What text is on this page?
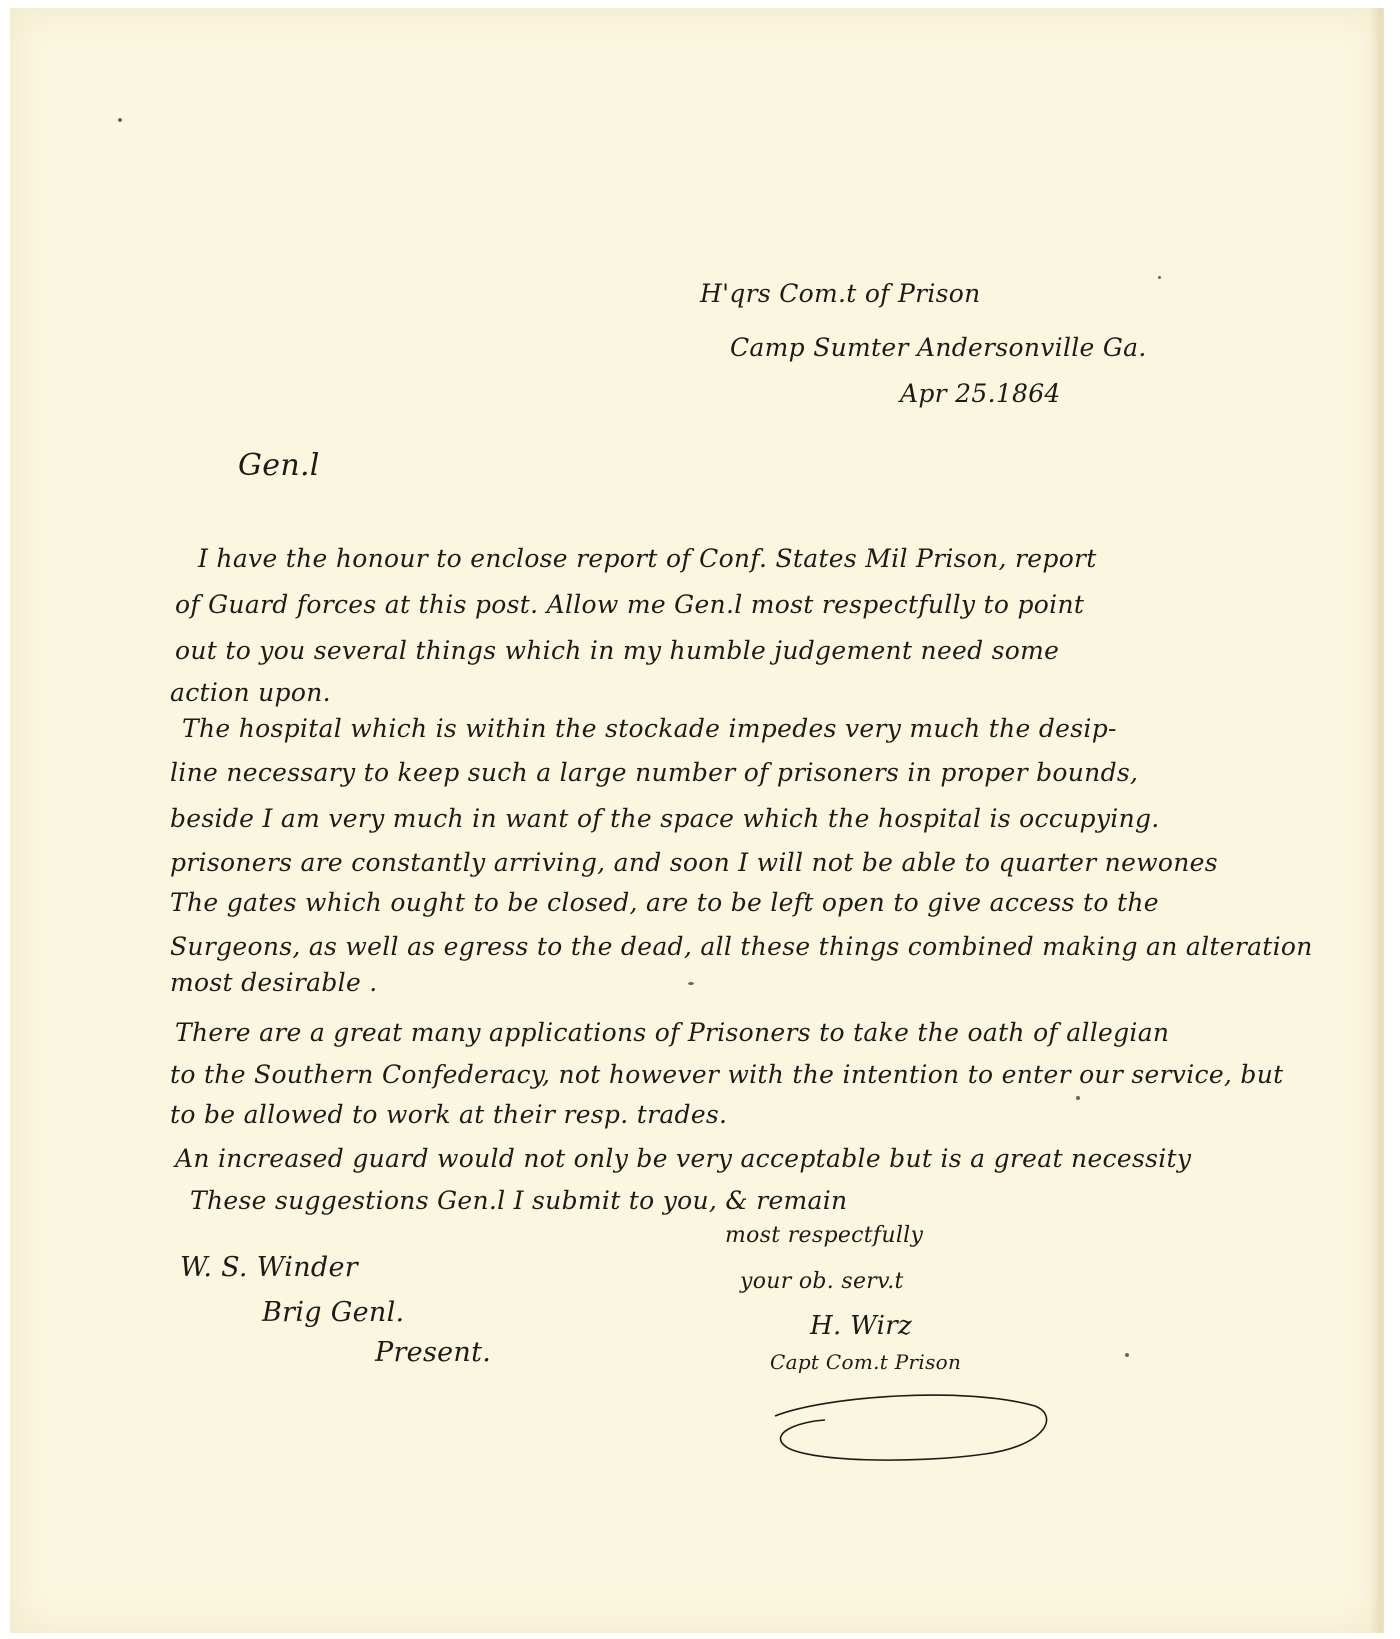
H'qrs Com.t of Prison
Camp Sumter Andersonville Ga.
Apr 25.1864
Gen.l
I have the honour to enclose report of Conf. States Mil Prison, report
of Guard forces at this post. Allow me Gen.l most respectfully to point
out to you several things which in my humble judgement need some
action upon.
The hospital which is within the stockade impedes very much the desip-
line necessary to keep such a large number of prisoners in proper bounds,
beside I am very much in want of the space which the hospital is occupying.
prisoners are constantly arriving, and soon I will not be able to quarter newones
The gates which ought to be closed, are to be left open to give access to the
Surgeons, as well as egress to the dead, all these things combined making an alteration
most desirable .
There are a great many applications of Prisoners to take the oath of allegian
to the Southern Confederacy, not however with the intention to enter our service, but
to be allowed to work at their resp. trades.
An increased guard would not only be very acceptable but is a great necessity
These suggestions Gen.l I submit to you, & remain
most respectfully
your ob. serv.t
H. Wirz
Capt Com.t Prison
W. S. Winder
Brig Genl.
Present.
